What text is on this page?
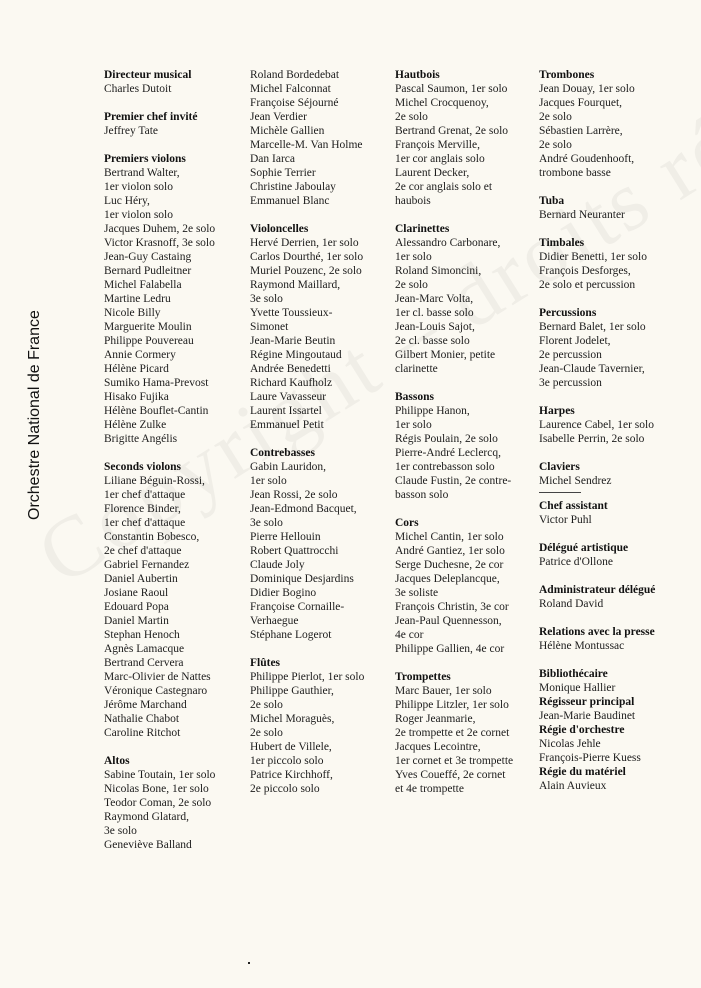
Orchestre National de France
Directeur musical
Charles Dutoit
Premier chef invité
Jeffrey Tate
Premiers violons
Bertrand Walter,
1er violon solo
Luc Héry,
1er violon solo
Jacques Duhem, 2e solo
Victor Krasnoff, 3e solo
Jean-Guy Castaing
Bernard Pudleitner
Michel Falabella
Martine Ledru
Nicole Billy
Marguerite Moulin
Philippe Pouvereau
Annie Cormery
Hélène Picard
Sumiko Hama-Prevost
Hisako Fujika
Hélène Bouflet-Cantin
Hélène Zulke
Brigitte Angélis
Seconds violons
Liliane Béguin-Rossi,
1er chef d'attaque
Florence Binder,
1er chef d'attaque
Constantin Bobesco,
2e chef d'attaque
Gabriel Fernandez
Daniel Aubertin
Josiane Raoul
Edouard Popa
Daniel Martin
Stephan Henoch
Agnès Lamacque
Bertrand Cervera
Marc-Olivier de Nattes
Véronique Castegnaro
Jérôme Marchand
Nathalie Chabot
Caroline Ritchot
Altos
Sabine Toutain, 1er solo
Nicolas Bone, 1er solo
Teodor Coman, 2e solo
Raymond Glatard,
3e solo
Geneviève Balland
Roland Bordedebat
Michel Falconnat
Françoise Séjourné
Jean Verdier
Michèle Gallien
Marcelle-M. Van Holme
Dan Iarca
Sophie Terrier
Christine Jaboulay
Emmanuel Blanc
Violoncelles
Hervé Derrien, 1er solo
Carlos Dourthé, 1er solo
Muriel Pouzenc, 2e solo
Raymond Maillard,
3e solo
Yvette Toussieux-
Simonet
Jean-Marie Beutin
Régine Mingoutaud
Andrée Benedetti
Richard Kaufholz
Laure Vavasseur
Laurent Issartel
Emmanuel Petit
Contrebasses
Gabin Lauridon,
1er solo
Jean Rossi, 2e solo
Jean-Edmond Bacquet,
3e solo
Pierre Hellouin
Robert Quattrocchi
Claude Joly
Dominique Desjardins
Didier Bogino
Françoise Cornaille-
Verhaegue
Stéphane Logerot
Flûtes
Philippe Pierlot, 1er solo
Philippe Gauthier,
2e solo
Michel Moraguès,
2e solo
Hubert de Villele,
1er piccolo solo
Patrice Kirchhoff,
2e piccolo solo
Hautbois
Pascal Saumon, 1er solo
Michel Crocquenoy,
2e solo
Bertrand Grenat, 2e solo
François Merville,
1er cor anglais solo
Laurent Decker,
2e cor anglais solo et
haubois
Clarinettes
Alessandro Carbonare,
1er solo
Roland Simoncini,
2e solo
Jean-Marc Volta,
1er cl. basse solo
Jean-Louis Sajot,
2e cl. basse solo
Gilbert Monier, petite
clarinette
Bassons
Philippe Hanon,
1er solo
Régis Poulain, 2e solo
Pierre-André Leclercq,
1er contrebasson solo
Claude Fustin, 2e contre-
basson solo
Cors
Michel Cantin, 1er solo
André Gantiez, 1er solo
Serge Duchesne, 2e cor
Jacques Deleplancque,
3e soliste
François Christin, 3e cor
Jean-Paul Quennesson,
4e cor
Philippe Gallien, 4e cor
Trompettes
Marc Bauer, 1er solo
Philippe Litzler, 1er solo
Roger Jeanmarie,
2e trompette et 2e cornet
Jacques Lecointre,
1er cornet et 3e trompette
Yves Coueffé, 2e cornet
et 4e trompette
Trombones
Jean Douay, 1er solo
Jacques Fourquet,
2e solo
Sébastien Larrère,
2e solo
André Goudenhooft,
trombone basse
Tuba
Bernard Neuranter
Timbales
Didier Benetti, 1er solo
François Desforges,
2e solo et percussion
Percussions
Bernard Balet, 1er solo
Florent Jodelet,
2e percussion
Jean-Claude Tavernier,
3e percussion
Harpes
Laurence Cabel, 1er solo
Isabelle Perrin, 2e solo
Claviers
Michel Sendrez
Chef assistant
Victor Puhl
Délégué artistique
Patrice d'Ollone
Administrateur délégué
Roland David
Relations avec la presse
Hélène Montussac
Bibliothécaire
Monique Hallier
Régisseur principal
Jean-Marie Baudinet
Régie d'orchestre
Nicolas Jehle
François-Pierre Kuess
Régie du matériel
Alain Auvieux
